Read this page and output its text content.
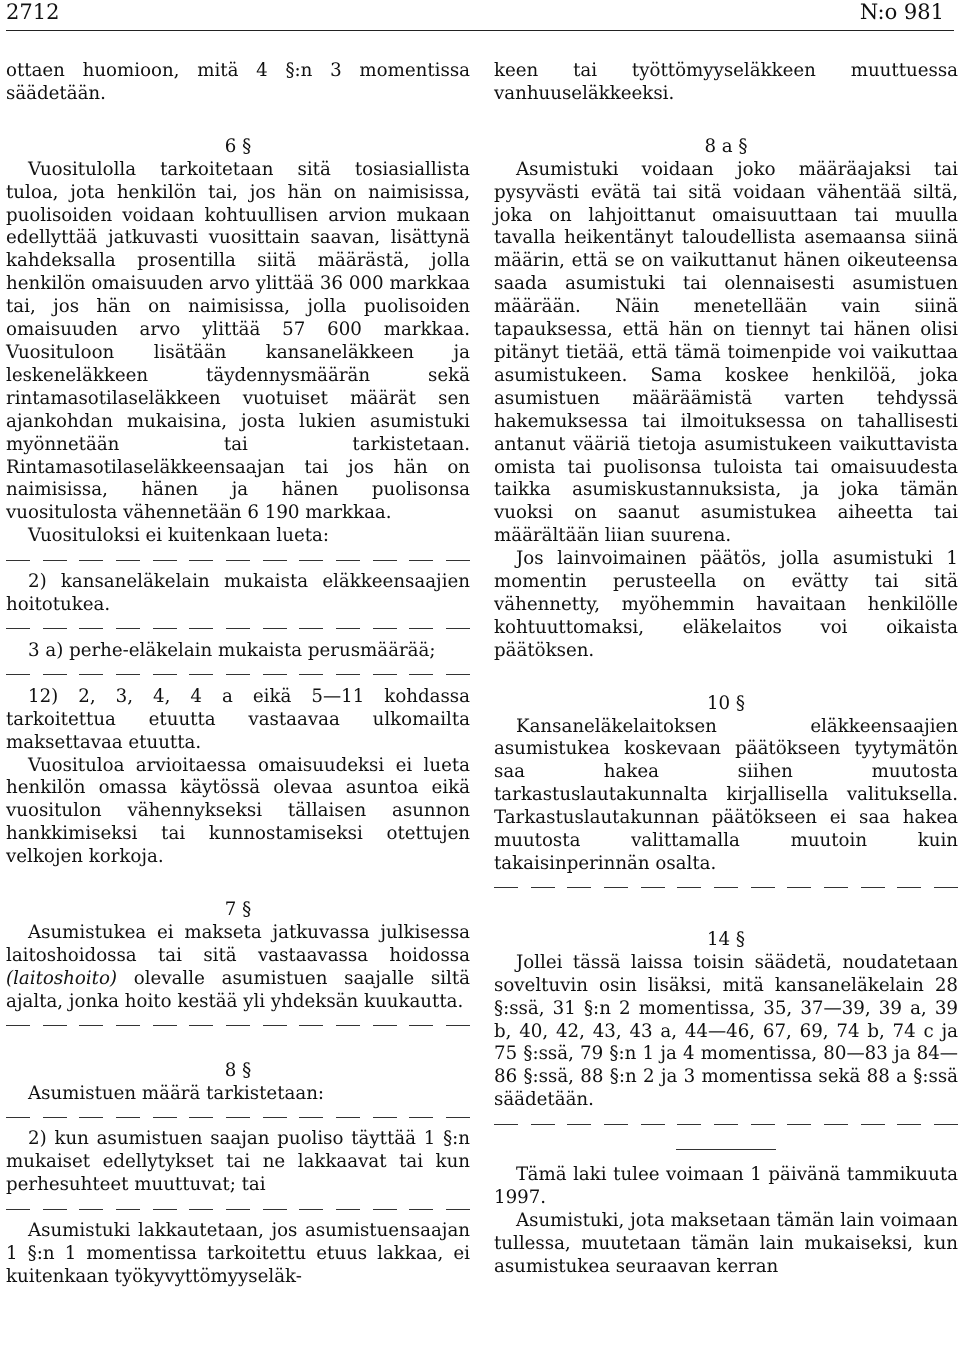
2712	N:o 981

ottaen huomioon, mitä 4 §:n 3 momentissa säädetään.

6 §

Vuositulolla tarkoitetaan sitä tosiasiallista tuloa, jota henkilön tai, jos hän on naimisissa, puolisoiden voidaan kohtuullisen arvion mukaan edellyttää jatkuvasti vuosittain saavan, lisättynä kahdeksalla prosentilla siitä määrästä, jolla henkilön omaisuuden arvo ylittää 36 000 markkaa tai, jos hän on naimisissa, jolla puolisoiden omaisuuden arvo ylittää 57 600 markkaa. Vuosituloon lisätään kansaneläkkeen ja leskeneläkkeen täydennysmäärän sekä rintamasotilaseläkkeen vuotuiset määrät sen ajankohdan mukaisina, josta lukien asumistuki myönnetään tai tarkistetaan. Rintamasotilaseläkkeensaajan tai jos hän on naimisissa, hänen ja hänen puolisonsa vuositulosta vähennetään 6 190 markkaa.

Vuosituloksi ei kuitenkaan lueta:

2) kansaneläkelain mukaista eläkkeensaajien hoitotukea.

3 a) perhe-eläkelain mukaista perusmäärää;

12) 2, 3, 4, 4 a eikä 5—11 kohdassa tarkoitettua etuutta vastaavaa ulkomailta maksettavaa etuutta.

Vuosituloa arvioitaessa omaisuudeksi ei lueta henkilön omassa käytössä olevaa asuntoa eikä vuositulon vähennykseksi tällaisen asunnon hankkimiseksi tai kunnostamiseksi otettujen velkojen korkoja.

7 §

Asumistukea ei makseta jatkuvassa julkisessa laitoshoidossa tai sitä vastaavassa hoidossa (laitoshoito) olevalle asumistuen saajalle siltä ajalta, jonka hoito kestää yli yhdeksän kuukautta.

8 §

Asumistuen määrä tarkistetaan:

2) kun asumistuen saajan puoliso täyttää 1 §:n mukaiset edellytykset tai ne lakkaavat tai kun perhesuhteet muuttuvat; tai

Asumistuki lakkautetaan, jos asumistuensaajan 1 §:n 1 momentissa tarkoitettu etuus lakkaa, ei kuitenkaan työkyvyttömyyseläk-

keen tai työttömyyseläkkeen muuttuessa vanhuuseläkkeeksi.

8 a §

Asumistuki voidaan joko määräajaksi tai pysyvästi evätä tai sitä voidaan vähentää siltä, joka on lahjoittanut omaisuuttaan tai muulla tavalla heikentänyt taloudellista asemaansa siinä määrin, että se on vaikuttanut hänen oikeuteensa saada asumistuki tai olennaisesti asumistuen määrään. Näin menetellään vain siinä tapauksessa, että hän on tiennyt tai hänen olisi pitänyt tietää, että tämä toimenpide voi vaikuttaa asumistukeen. Sama koskee henkilöä, joka asumistuen määräämistä varten tehdyssä hakemuksessa tai ilmoituksessa on tahallisesti antanut vääriä tietoja asumistukeen vaikuttavista omista tai puolisonsa tuloista tai omaisuudesta taikka asumiskustannuksista, ja joka tämän vuoksi on saanut asumistukea aiheetta tai määrältään liian suurena.

Jos lainvoimainen päätös, jolla asumistuki 1 momentin perusteella on evätty tai sitä vähennetty, myöhemmin havaitaan henkilölle kohtuuttomaksi, eläkelaitos voi oikaista päätöksen.

10 §

Kansaneläkelaitoksen eläkkeensaajien asumistukea koskevaan päätökseen tyytymätön saa hakea siihen muutosta tarkastuslautakunnalta kirjallisella valituksella. Tarkastuslautakunnan päätökseen ei saa hakea muutosta valittamalla muutoin kuin takaisinperinnän osalta.

14 §

Jollei tässä laissa toisin säädetä, noudatetaan soveltuvin osin lisäksi, mitä kansaneläkelain 28 §:ssä, 31 §:n 2 momentissa, 35, 37—39, 39 a, 39 b, 40, 42, 43, 43 a, 44—46, 67, 69, 74 b, 74 c ja 75 §:ssä, 79 §:n 1 ja 4 momentissa, 80—83 ja 84—86 §:ssä, 88 §:n 2 ja 3 momentissa sekä 88 a §:ssä säädetään.

Tämä laki tulee voimaan 1 päivänä tammikuuta 1997.

Asumistuki, jota maksetaan tämän lain voimaan tullessa, muutetaan tämän lain mukaiseksi, kun asumistukea seuraavan kerran
